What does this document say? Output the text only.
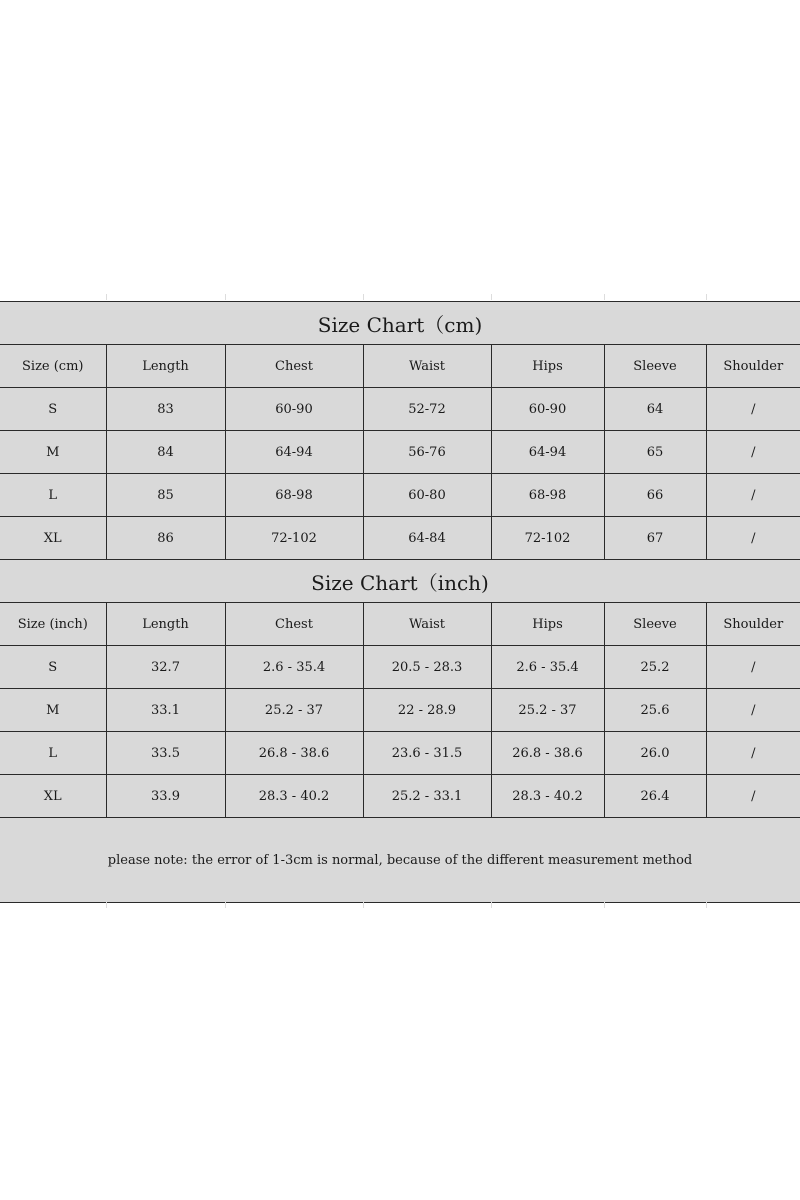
Size Chart（cm)						
Size (cm)	Length	Chest	Waist	Hips	Sleeve	Shoulder
S	83	60-90	52-72	60-90	64	/
M	84	64-94	56-76	64-94	65	/
L	85	68-98	60-80	68-98	66	/
XL	86	72-102	64-84	72-102	67	/
Size Chart（inch)						
Size (inch)	Length	Chest	Waist	Hips	Sleeve	Shoulder
S	32.7	2.6 - 35.4	20.5 - 28.3	2.6 - 35.4	25.2	/
M	33.1	25.2 - 37	22 - 28.9	25.2 - 37	25.6	/
L	33.5	26.8 - 38.6	23.6 - 31.5	26.8 - 38.6	26.0	/
XL	33.9	28.3 - 40.2	25.2 - 33.1	28.3 - 40.2	26.4	/
please note: the error of 1-3cm is normal, because of the different measurement method						
